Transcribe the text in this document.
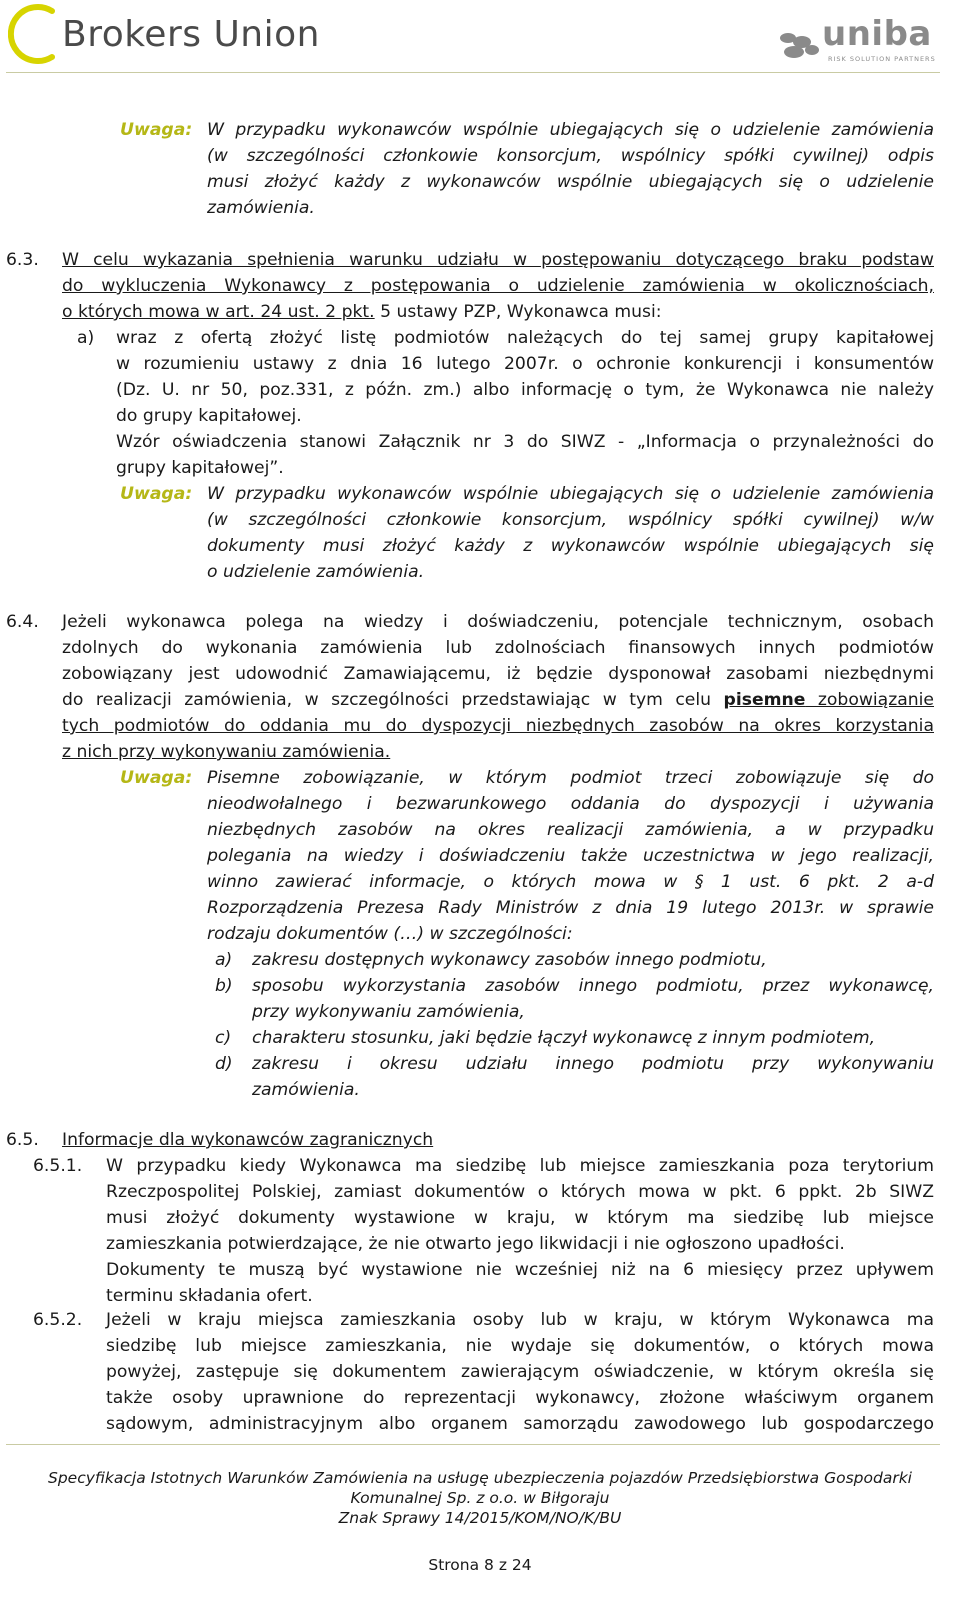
Brokers Union	uniba
RISK SOLUTION PARTNERS
Uwaga: W przypadku wykonawców wspólnie ubiegających się o udzielenie zamówienia
(w szczególności członkowie konsorcjum, wspólnicy spółki cywilnej) odpis
musi złożyć każdy z wykonawców wspólnie ubiegających się o udzielenie
zamówienia.
6.3. W celu wykazania spełnienia warunku udziału w postępowaniu dotyczącego braku podstaw
do wykluczenia Wykonawcy z postępowania o udzielenie zamówienia w okolicznościach,
o których mowa w art. 24 ust. 2 pkt. 5 ustawy PZP, Wykonawca musi:
a) wraz z ofertą złożyć listę podmiotów należących do tej samej grupy kapitałowej
w rozumieniu ustawy z dnia 16 lutego 2007r. o ochronie konkurencji i konsumentów
(Dz. U. nr 50, poz.331, z późn. zm.) albo informację o tym, że Wykonawca nie należy
do grupy kapitałowej.
Wzór oświadczenia stanowi Załącznik nr 3 do SIWZ - „Informacja o przynależności do
grupy kapitałowej”.
Uwaga: W przypadku wykonawców wspólnie ubiegających się o udzielenie zamówienia
(w szczególności członkowie konsorcjum, wspólnicy spółki cywilnej) w/w
dokumenty musi złożyć każdy z wykonawców wspólnie ubiegających się
o udzielenie zamówienia.
6.4. Jeżeli wykonawca polega na wiedzy i doświadczeniu, potencjale technicznym, osobach
zdolnych do wykonania zamówienia lub zdolnościach finansowych innych podmiotów
zobowiązany jest udowodnić Zamawiającemu, iż będzie dysponował zasobami niezbędnymi
do realizacji zamówienia, w szczególności przedstawiając w tym celu pisemne zobowiązanie
tych podmiotów do oddania mu do dyspozycji niezbędnych zasobów na okres korzystania
z nich przy wykonywaniu zamówienia.
Uwaga: Pisemne zobowiązanie, w którym podmiot trzeci zobowiązuje się do
nieodwołalnego i bezwarunkowego oddania do dyspozycji i używania
niezbędnych zasobów na okres realizacji zamówienia, a w przypadku
polegania na wiedzy i doświadczeniu także uczestnictwa w jego realizacji,
winno zawierać informacje, o których mowa w § 1 ust. 6 pkt. 2 a-d
Rozporządzenia Prezesa Rady Ministrów z dnia 19 lutego 2013r. w sprawie
rodzaju dokumentów (…) w szczególności:
a) zakresu dostępnych wykonawcy zasobów innego podmiotu,
b) sposobu wykorzystania zasobów innego podmiotu, przez wykonawcę,
przy wykonywaniu zamówienia,
c) charakteru stosunku, jaki będzie łączył wykonawcę z innym podmiotem,
d) zakresu i okresu udziału innego podmiotu przy wykonywaniu
zamówienia.
6.5. Informacje dla wykonawców zagranicznych
6.5.1. W przypadku kiedy Wykonawca ma siedzibę lub miejsce zamieszkania poza terytorium
Rzeczpospolitej Polskiej, zamiast dokumentów o których mowa w pkt. 6 ppkt. 2b SIWZ
musi złożyć dokumenty wystawione w kraju, w którym ma siedzibę lub miejsce
zamieszkania potwierdzające, że nie otwarto jego likwidacji i nie ogłoszono upadłości.
Dokumenty te muszą być wystawione nie wcześniej niż na 6 miesięcy przez upływem
terminu składania ofert.
6.5.2. Jeżeli w kraju miejsca zamieszkania osoby lub w kraju, w którym Wykonawca ma
siedzibę lub miejsce zamieszkania, nie wydaje się dokumentów, o których mowa
powyżej, zastępuje się dokumentem zawierającym oświadczenie, w którym określa się
także osoby uprawnione do reprezentacji wykonawcy, złożone właściwym organem
sądowym, administracyjnym albo organem samorządu zawodowego lub gospodarczego
Specyfikacja Istotnych Warunków Zamówienia na usługę ubezpieczenia pojazdów Przedsiębiorstwa Gospodarki
Komunalnej Sp. z o.o. w Biłgoraju
Znak Sprawy 14/2015/KOM/NO/K/BU
Strona 8 z 24
